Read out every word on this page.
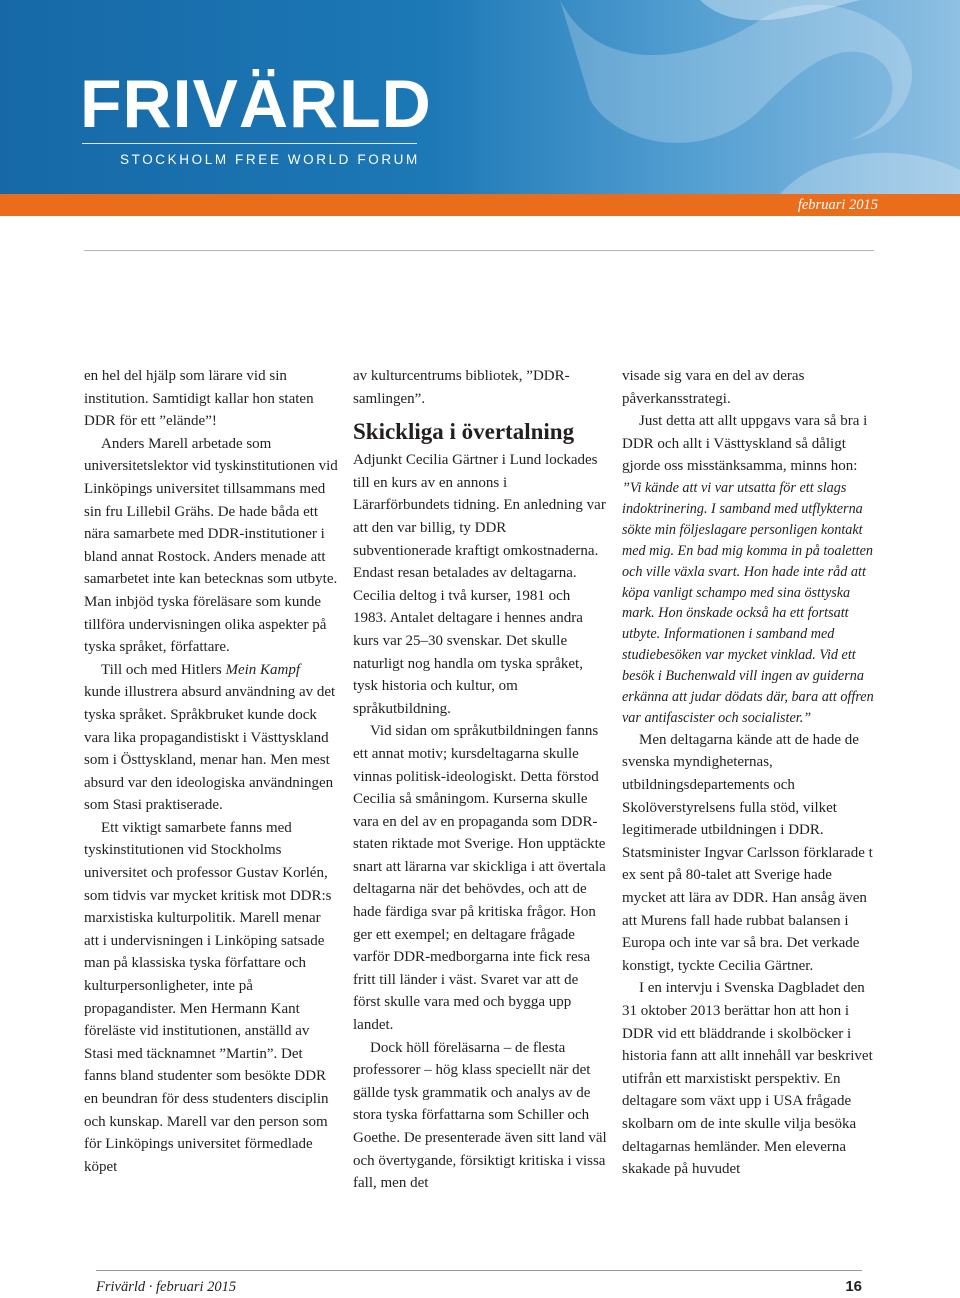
FRIVÄRLD
STOCKHOLM FREE WORLD FORUM
februari 2015

en hel del hjälp som lärare vid sin institution. Samtidigt kallar hon staten DDR för ett ”elände”!

Anders Marell arbetade som universitetslektor vid tyskinstitutionen vid Linköpings universitet tillsammans med sin fru Lillebil Grähs. De hade båda ett nära samarbete med DDR-institutioner i bland annat Rostock. Anders menade att samarbetet inte kan betecknas som utbyte. Man inbjöd tyska föreläsare som kunde tillföra undervisningen olika aspekter på tyska språket, författare.

Till och med Hitlers Mein Kampf kunde illustrera absurd användning av det tyska språket. Språkbruket kunde dock vara lika propagandistiskt i Västtyskland som i Östtyskland, menar han. Men mest absurd var den ideologiska användningen som Stasi praktiserade.

Ett viktigt samarbete fanns med tyskinstitutionen vid Stockholms universitet och professor Gustav Korlén, som tidvis var mycket kritisk mot DDR:s marxistiska kulturpolitik. Marell menar att i undervisningen i Linköping satsade man på klassiska tyska författare och kulturpersonligheter, inte på propagandister. Men Hermann Kant föreläste vid institutionen, anställd av Stasi med täcknamnet ”Martin”. Det fanns bland studenter som besökte DDR en beundran för dess studenters disciplin och kunskap. Marell var den person som för Linköpings universitet förmedlade köpet

av kulturcentrums bibliotek, ”DDR-samlingen”.

Skickliga i övertalning

Adjunkt Cecilia Gärtner i Lund lockades till en kurs av en annons i Lärarförbundets tidning. En anledning var att den var billig, ty DDR subventionerade kraftigt omkostnaderna. Endast resan betalades av deltagarna. Cecilia deltog i två kurser, 1981 och 1983. Antalet deltagare i hennes andra kurs var 25–30 svenskar. Det skulle naturligt nog handla om tyska språket, tysk historia och kultur, om språkutbildning.

Vid sidan om språkutbildningen fanns ett annat motiv; kursdeltagarna skulle vinnas politisk-ideologiskt. Detta förstod Cecilia så småningom. Kurserna skulle vara en del av en propaganda som DDR-staten riktade mot Sverige. Hon upptäckte snart att lärarna var skickliga i att övertala deltagarna när det behövdes, och att de hade färdiga svar på kritiska frågor. Hon ger ett exempel; en deltagare frågade varför DDR-medborgarna inte fick resa fritt till länder i väst. Svaret var att de först skulle vara med och bygga upp landet.

Dock höll föreläsarna – de flesta professorer – hög klass speciellt när det gällde tysk grammatik och analys av de stora tyska författarna som Schiller och Goethe. De presenterade även sitt land väl och övertygande, försiktigt kritiska i vissa fall, men det

visade sig vara en del av deras påverkansstrategi.

Just detta att allt uppgavs vara så bra i DDR och allt i Västtyskland så dåligt gjorde oss misstänksamma, minns hon:

”Vi kände att vi var utsatta för ett slags indoktrinering. I samband med utflykterna sökte min följeslagare personligen kontakt med mig. En bad mig komma in på toaletten och ville växla svart. Hon hade inte råd att köpa vanligt schampo med sina östtyska mark. Hon önskade också ha ett fortsatt utbyte. Informationen i samband med studiebesöken var mycket vinklad. Vid ett besök i Buchenwald vill ingen av guiderna erkänna att judar dödats där, bara att offren var antifascister och socialister.”

Men deltagarna kände att de hade de svenska myndigheternas, utbildningsdepartements och Skolöverstyrelsens fulla stöd, vilket legitimerade utbildningen i DDR. Statsminister Ingvar Carlsson förklarade t ex sent på 80-talet att Sverige hade mycket att lära av DDR. Han ansåg även att Murens fall hade rubbat balansen i Europa och inte var så bra. Det verkade konstigt, tyckte Cecilia Gärtner.

I en intervju i Svenska Dagbladet den 31 oktober 2013 berättar hon att hon i DDR vid ett bläddrande i skolböcker i historia fann att allt innehåll var beskrivet utifrån ett marxistiskt perspektiv. En deltagare som växt upp i USA frågade skolbarn om de inte skulle vilja besöka deltagarnas hemländer. Men eleverna skakade på huvudet

Frivärld · februari 2015	16
